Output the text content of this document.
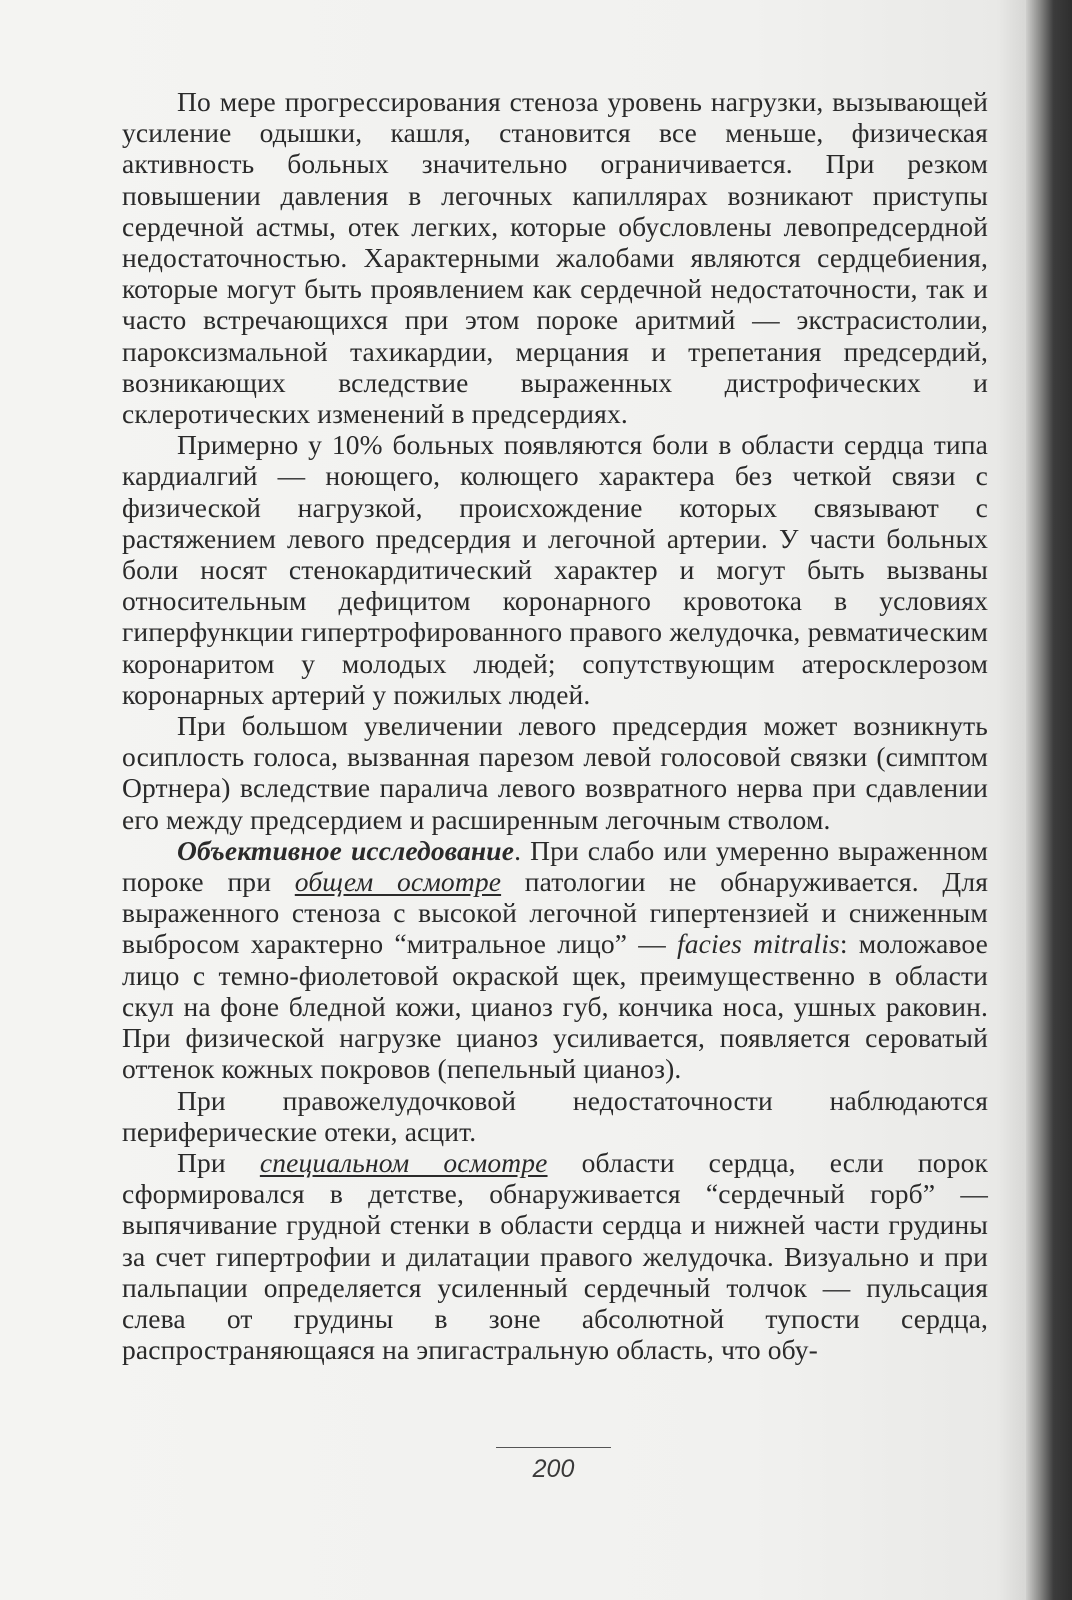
По мере прогрессирования стеноза уровень нагрузки, вызывающей усиление одышки, кашля, становится все меньше, физическая активность больных значительно ограничивается. При резком повышении давления в легочных капиллярах возникают приступы сердечной астмы, отек легких, которые обусловлены левопредсердной недостаточностью. Характерными жалобами являются сердцебиения, которые могут быть проявлением как сердечной недостаточности, так и часто встречающихся при этом пороке аритмий — экстрасистолии, пароксизмальной тахикардии, мерцания и трепетания предсердий, возникающих вследствие выраженных дистрофических и склеротических изменений в предсердиях.

Примерно у 10% больных появляются боли в области сердца типа кардиалгий — ноющего, колющего характера без четкой связи с физической нагрузкой, происхождение которых связывают с растяжением левого предсердия и легочной артерии. У части больных боли носят стенокардитический характер и могут быть вызваны относительным дефицитом коронарного кровотока в условиях гиперфункции гипертрофированного правого желудочка, ревматическим коронаритом у молодых людей; сопутствующим атеросклерозом коронарных артерий у пожилых людей.

При большом увеличении левого предсердия может возникнуть осиплость голоса, вызванная парезом левой голосовой связки (симптом Ортнера) вследствие паралича левого возвратного нерва при сдавлении его между предсердием и расширенным легочным стволом.

Объективное исследование. При слабо или умеренно выраженном пороке при общем осмотре патологии не обнаруживается. Для выраженного стеноза с высокой легочной гипертензией и сниженным выбросом характерно “митральное лицо” — facies mitralis: моложавое лицо с темно-фиолетовой окраской щек, преимущественно в области скул на фоне бледной кожи, цианоз губ, кончика носа, ушных раковин. При физической нагрузке цианоз усиливается, появляется сероватый оттенок кожных покровов (пепельный цианоз).

При правожелудочковой недостаточности наблюдаются периферические отеки, асцит.

При специальном осмотре области сердца, если порок сформировался в детстве, обнаруживается “сердечный горб” — выпячивание грудной стенки в области сердца и нижней части грудины за счет гипертрофии и дилатации правого желудочка. Визуально и при пальпации определяется усиленный сердечный толчок — пульсация слева от грудины в зоне абсолютной тупости сердца, распространяющаяся на эпигастральную область, что обу-

200
